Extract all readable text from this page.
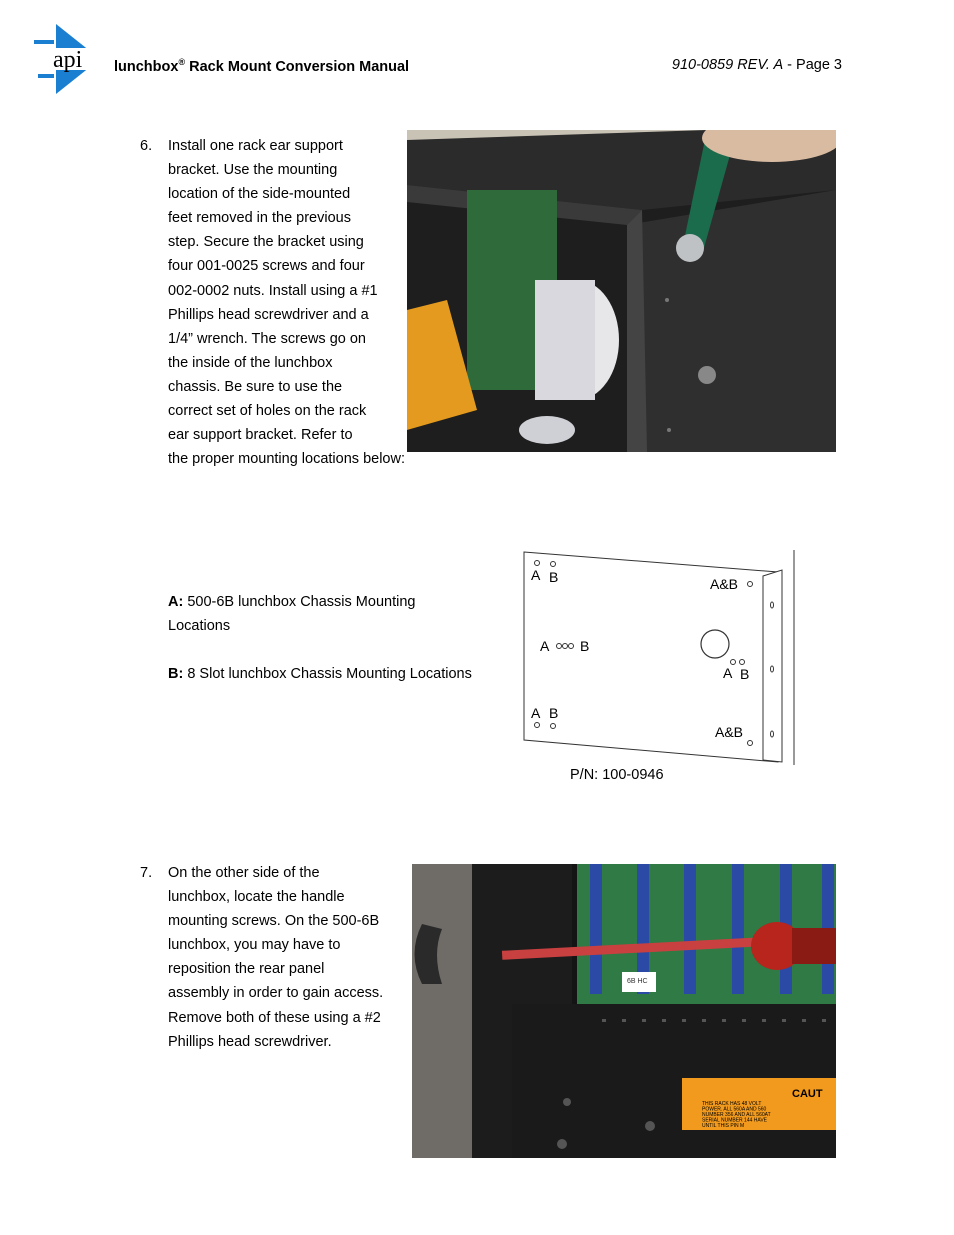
api lunchbox® Rack Mount Conversion Manual	910-0859 REV. A - Page 3
6. Install one rack ear support

bracket. Use the mounting

location of the side-mounted

feet removed in the previous

step. Secure the bracket using

four 001-0025 screws and four

002-0002 nuts. Install using a #1

Phillips head screwdriver and a

1/4” wrench. The screws go on

the inside of the lunchbox

chassis. Be sure to use the

correct set of holes on the rack

ear support bracket. Refer to

the proper mounting locations below:

A: 500-6B lunchbox Chassis Mounting

Locations

B: 8 Slot lunchbox Chassis Mounting Locations

A B	A&B
A B
A B
A B
A&B
P/N: 100-0946
7. On the other side of the

lunchbox, locate the handle

mounting screws. On the 500-6B

lunchbox, you may have to

reposition the rear panel

assembly in order to gain access.

Remove both of these using a #2

Phillips head screwdriver.

6B HC
CAUT
THIS RACK HAS 48 VOLT
POWER. ALL 560A AND 560
NUMBER 356 AND ALL 560AT
SERIAL NUMBER 144 HAVE
UNTIL THIS PIN M
